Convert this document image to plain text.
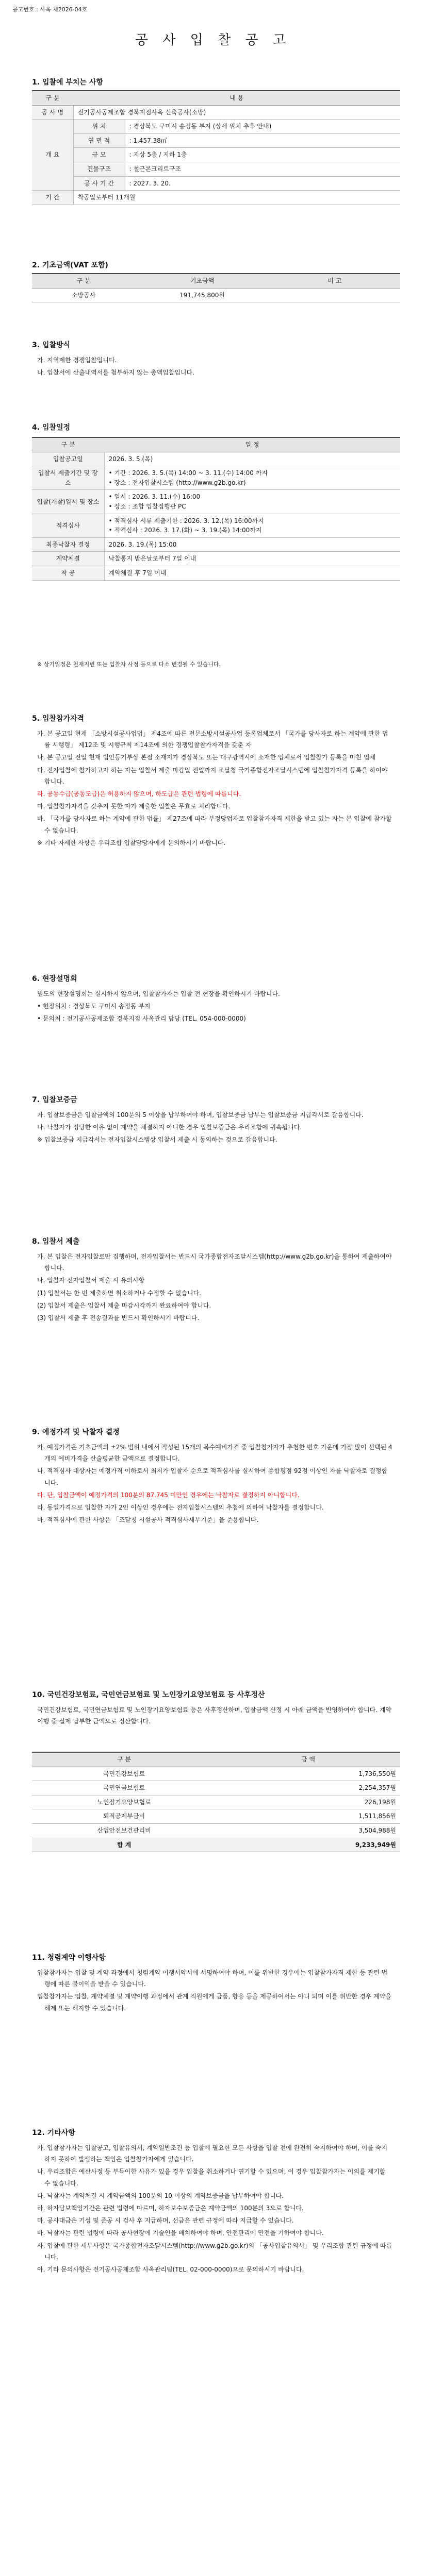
공고번호 : 사옥 제2026-04호
공 사 입 찰 공 고
1. 입찰에 부치는 사항
구 분	내 용	
공 사 명	전기공사공제조합 경북지점사옥 신축공사(소방)	
개 요	위 치	: 경상북도 구미시 송정동 부지 (상세 위치 추후 안내)
	연 면 적	: 1,457.38㎡
	규 모	: 지상 5층 / 지하 1층
	건물구조	: 철근콘크리트구조
	공 사 기 간	: 2027. 3. 20.
기 간	착공일로부터 11개월	
2. 기초금액(VAT 포함)
구 분	기초금액	비 고
소방공사	191,745,800원	
3. 입찰방식

가. 지역제한 경쟁입찰입니다.

나. 입찰서에 산출내역서를 첨부하지 않는 총액입찰입니다.

4. 입찰일정
구 분	일 정
입찰공고일	2026. 3. 5.(목)
입찰서 제출기간 및 장소	• 기간 : 2026. 3. 5.(목) 14:00 ~ 3. 11.(수) 14:00 까지
• 장소 : 전자입찰시스템 (http://www.g2b.go.kr)

입찰(개찰)일시 및 장소	• 일시 : 2026. 3. 11.(수) 16:00
• 장소 : 조합 입찰집행관 PC

적격심사	• 적격심사 서류 제출기한 : 2026. 3. 12.(목) 16:00까지
• 적격심사 : 2026. 3. 17.(화) ~ 3. 19.(목) 14:00까지

최종낙찰자 결정	2026. 3. 19.(목) 15:00
계약체결	낙찰통지 받은날로부터 7일 이내
착 공	계약체결 후 7일 이내
※ 상기일정은 천재지변 또는 입찰자 사정 등으로 다소 변경될 수 있습니다.
5. 입찰참가자격

가. 본 공고일 현재 「소방시설공사업법」 제4조에 따른 전문소방시설공사업 등록업체로서 「국가를 당사자로 하는 계약에 관한 법률 시행령」 제12조 및 시행규칙 제14조에 의한 경쟁입찰참가자격을 갖춘 자

나. 본 공고일 전일 현재 법인등기부상 본점 소재지가 경상북도 또는 대구광역시에 소재한 업체로서 입찰참가 등록을 마친 업체

다. 전자입찰에 참가하고자 하는 자는 입찰서 제출 마감일 전일까지 조달청 국가종합전자조달시스템에 입찰참가자격 등록을 하여야 합니다.

라. 공동수급(공동도급)은 허용하지 않으며, 하도급은 관련 법령에 따릅니다.

마. 입찰참가자격을 갖추지 못한 자가 제출한 입찰은 무효로 처리합니다.

바. 「국가를 당사자로 하는 계약에 관한 법률」 제27조에 따라 부정당업자로 입찰참가자격 제한을 받고 있는 자는 본 입찰에 참가할 수 없습니다.

※ 기타 자세한 사항은 우리조합 입찰담당자에게 문의하시기 바랍니다.

6. 현장설명회

별도의 현장설명회는 실시하지 않으며, 입찰참가자는 입찰 전 현장을 확인하시기 바랍니다.

• 현장위치 : 경상북도 구미시 송정동 부지

• 문의처 : 전기공사공제조합 경북지점 사옥관리 담당 (TEL. 054-000-0000)

7. 입찰보증금

가. 입찰보증금은 입찰금액의 100분의 5 이상을 납부하여야 하며, 입찰보증금 납부는 입찰보증금 지급각서로 갈음합니다.

나. 낙찰자가 정당한 이유 없이 계약을 체결하지 아니한 경우 입찰보증금은 우리조합에 귀속됩니다.

※ 입찰보증금 지급각서는 전자입찰시스템상 입찰서 제출 시 동의하는 것으로 갈음합니다.

8. 입찰서 제출

가. 본 입찰은 전자입찰로만 집행하며, 전자입찰서는 반드시 국가종합전자조달시스템(http://www.g2b.go.kr)을 통하여 제출하여야 합니다.

나. 입찰자 전자입찰서 제출 시 유의사항

(1) 입찰서는 한 번 제출하면 취소하거나 수정할 수 없습니다.

(2) 입찰서 제출은 입찰서 제출 마감시각까지 완료하여야 합니다.

(3) 입찰서 제출 후 전송결과를 반드시 확인하시기 바랍니다.

9. 예정가격 및 낙찰자 결정

가. 예정가격은 기초금액의 ±2% 범위 내에서 작성된 15개의 복수예비가격 중 입찰참가자가 추첨한 번호 가운데 가장 많이 선택된 4개의 예비가격을 산술평균한 금액으로 결정합니다.

나. 적격심사 대상자는 예정가격 이하로서 최저가 입찰자 순으로 적격심사를 실시하여 종합평점 92점 이상인 자를 낙찰자로 결정합니다.

다. 단, 입찰금액이 예정가격의 100분의 87.745 미만인 경우에는 낙찰자로 결정하지 아니합니다.

라. 동일가격으로 입찰한 자가 2인 이상인 경우에는 전자입찰시스템의 추첨에 의하여 낙찰자를 결정합니다.

마. 적격심사에 관한 사항은 「조달청 시설공사 적격심사세부기준」을 준용합니다.

10. 국민건강보험료, 국민연금보험료 및 노인장기요양보험료 등 사후정산
국민건강보험료, 국민연금보험료 및 노인장기요양보험료 등은 사후정산하며, 입찰금액 산정 시 아래 금액을 반영하여야 합니다. 계약 이행 중 실제 납부한 금액으로 정산합니다.
구 분	금 액
국민건강보험료	1,736,550원
국민연금보험료	2,254,357원
노인장기요양보험료	226,198원
퇴직공제부금비	1,511,856원
산업안전보건관리비	3,504,988원
합 계	9,233,949원
11. 청렴계약 이행사항

입찰참가자는 입찰 및 계약 과정에서 청렴계약 이행서약서에 서명하여야 하며, 이를 위반한 경우에는 입찰참가자격 제한 등 관련 법령에 따른 불이익을 받을 수 있습니다.

입찰참가자는 입찰, 계약체결 및 계약이행 과정에서 관계 직원에게 금품, 향응 등을 제공하여서는 아니 되며 이를 위반한 경우 계약을 해제 또는 해지할 수 있습니다.

12. 기타사항

가. 입찰참가자는 입찰공고, 입찰유의서, 계약일반조건 등 입찰에 필요한 모든 사항을 입찰 전에 완전히 숙지하여야 하며, 이를 숙지하지 못하여 발생하는 책임은 입찰참가자에게 있습니다.

나. 우리조합은 예산사정 등 부득이한 사유가 있을 경우 입찰을 취소하거나 연기할 수 있으며, 이 경우 입찰참가자는 이의를 제기할 수 없습니다.

다. 낙찰자는 계약체결 시 계약금액의 100분의 10 이상의 계약보증금을 납부하여야 합니다.

라. 하자담보책임기간은 관련 법령에 따르며, 하자보수보증금은 계약금액의 100분의 3으로 합니다.

마. 공사대금은 기성 및 준공 시 검사 후 지급하며, 선금은 관련 규정에 따라 지급할 수 있습니다.

바. 낙찰자는 관련 법령에 따라 공사현장에 기술인을 배치하여야 하며, 안전관리에 만전을 기하여야 합니다.

사. 입찰에 관한 세부사항은 국가종합전자조달시스템(http://www.g2b.go.kr)의 「공사입찰유의서」 및 우리조합 관련 규정에 따릅니다.

아. 기타 문의사항은 전기공사공제조합 사옥관리팀(TEL. 02-000-0000)으로 문의하시기 바랍니다.
